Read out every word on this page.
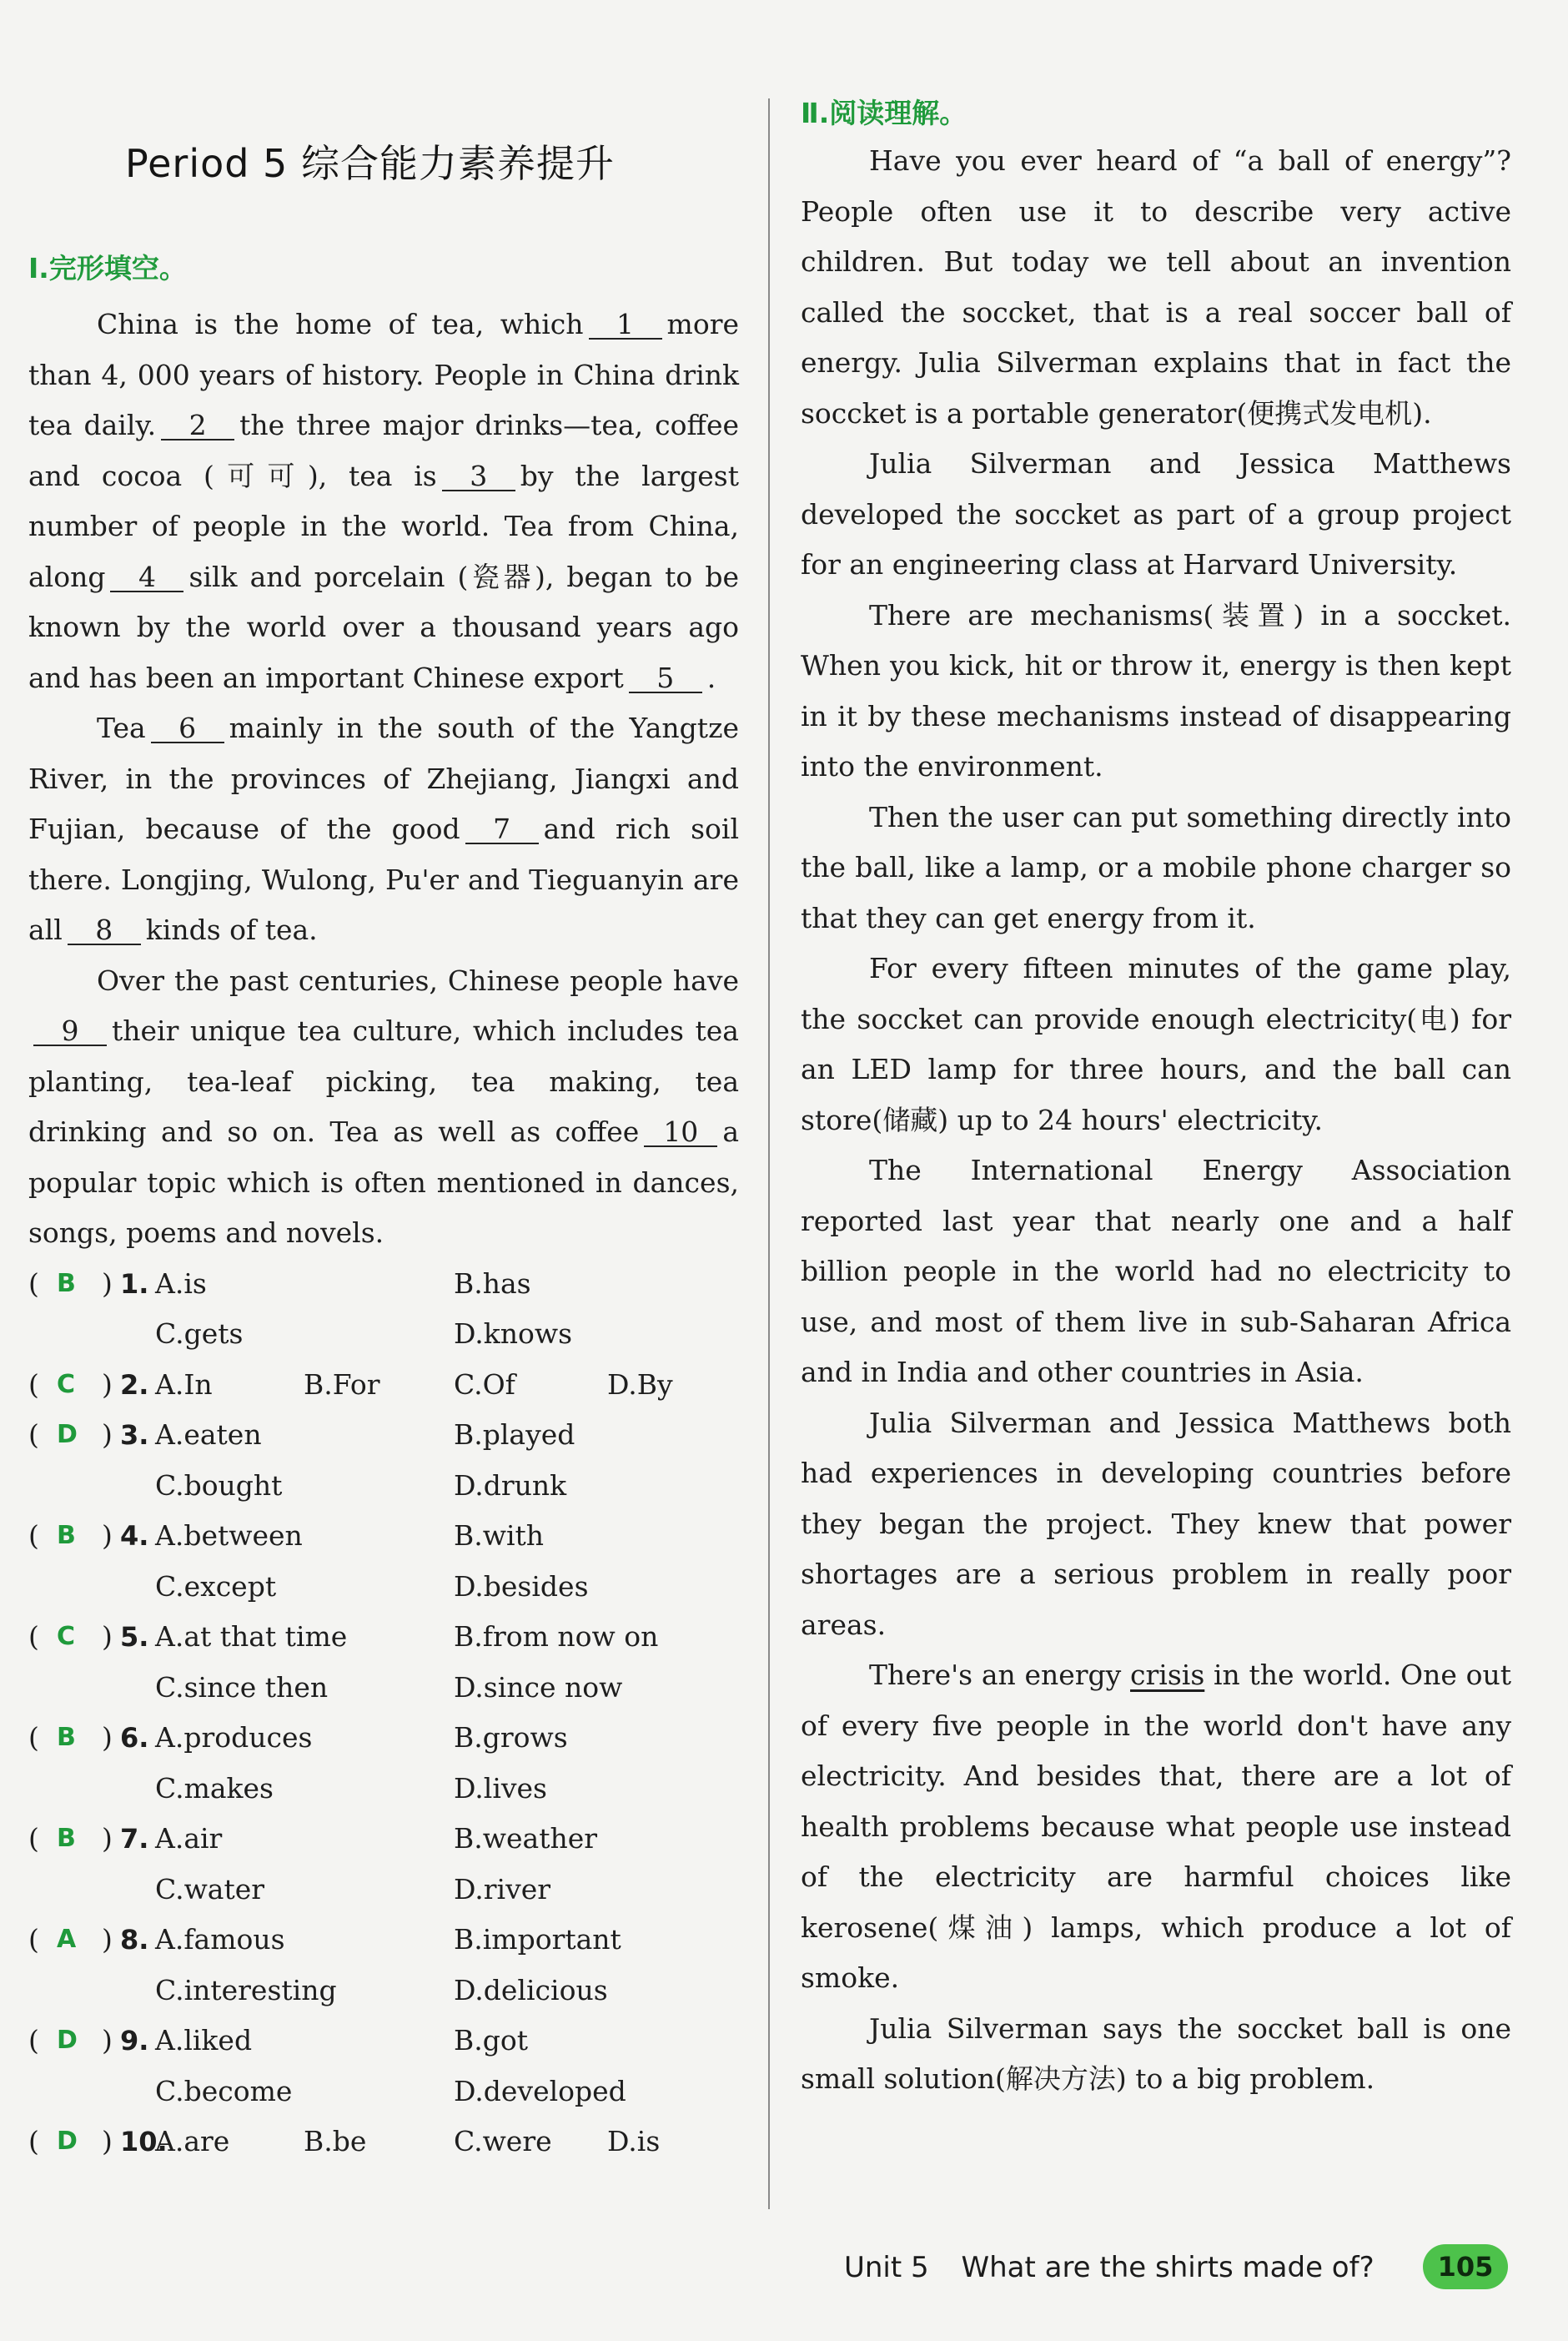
Period 5 综合能力素养提升
Ⅰ.完形填空。

China is the home of tea, which 1 more than 4, 000 years of history. People in China drink tea daily. 2 the three major drinks—tea, coffee and cocoa (可可), tea is 3 by the largest number of people in the world. Tea from China, along 4 silk and porcelain (瓷器), began to be known by the world over a thousand years ago and has been an important Chinese export 5 .

Tea 6 mainly in the south of the Yangtze River, in the provinces of Zhejiang, Jiangxi and Fujian, because of the good 7 and rich soil there. Longjing, Wulong, Pu'er and Tieguanyin are all 8 kinds of tea.

Over the past centuries, Chinese people have9 their unique tea culture, which includes tea planting, tea-leaf picking, tea making, tea drinking and so on. Tea as well as coffee 10 a popular topic which is often mentioned in dances, songs, poems and novels.

( B ) 1. A.is	B.has
C.gets	D.knows
( C ) 2. A.In	B.For	C.Of	D.By
( D ) 3. A.eaten	B.played
C.bought	D.drunk
( B ) 4. A.between	B.with
C.except	D.besides
( C ) 5. A.at that time	B.from now on
C.since then	D.since now
( B ) 6. A.produces	B.grows
C.makes	D.lives
( B ) 7. A.air	B.weather
C.water	D.river
( A ) 8. A.famous	B.important
C.interesting	D.delicious
( D ) 9. A.liked	B.got
C.become	D.developed
( D ) 10.
A.are	B.be	C.were D.is
Ⅱ.阅读理解。

Have you ever heard of “a ball of energy”? People often use it to describe very active children. But today we tell about an invention called the soccket, that is a real soccer ball of energy. Julia Silverman explains that in fact the soccket is a portable generator(便携式发电机).

Julia Silverman and Jessica Matthews developed the soccket as part of a group project for an engineering class at Harvard University.

There are mechanisms(装置) in a soccket. When you kick, hit or throw it, energy is then kept in it by these mechanisms instead of disappearing into the environment.

Then the user can put something directly into the ball, like a lamp, or a mobile phone charger so that they can get energy from it.

For every fifteen minutes of the game play, the soccket can provide enough electricity(电) for an LED lamp for three hours, and the ball can store(储藏) up to 24 hours' electricity.

The International Energy Association reported last year that nearly one and a half billion people in the world had no electricity to use, and most of them live in sub-Saharan Africa and in India and other countries in Asia.

Julia Silverman and Jessica Matthews both had experiences in developing countries before they began the project. They knew that power shortages are a serious problem in really poor areas.

There's an energy crisis in the world. One out of every five people in the world don't have any electricity. And besides that, there are a lot of health problems because what people use instead of the electricity are harmful choices like kerosene(煤油) lamps, which produce a lot of smoke.

Julia Silverman says the soccket ball is one small solution(解决方法) to a big problem.

Unit 5 What are the shirts made of?	105
